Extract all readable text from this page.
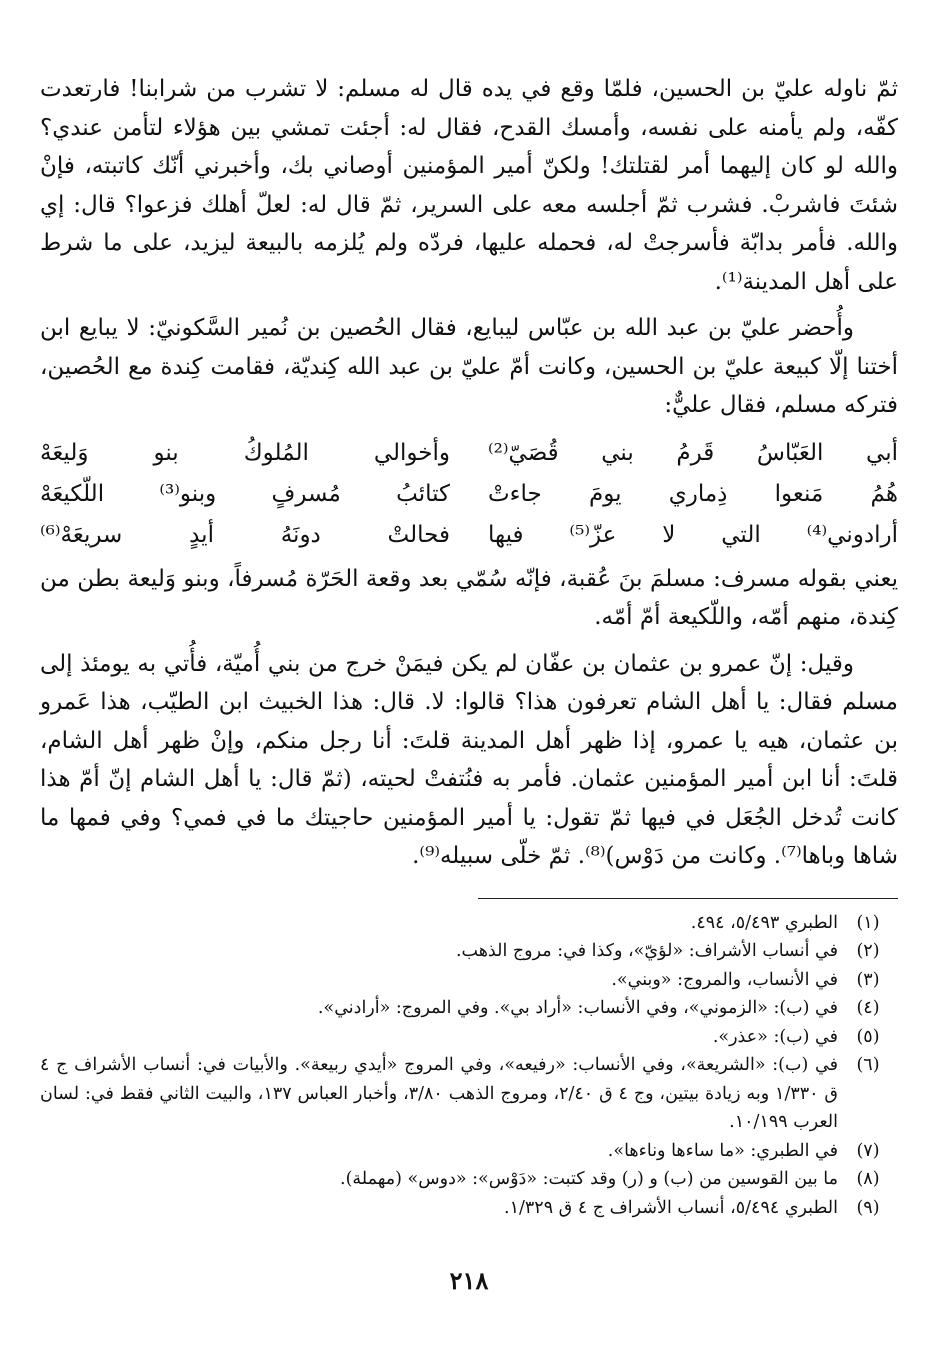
ثمّ ناوله عليّ بن الحسين، فلمّا وقع في يده قال له مسلم: لا تشرب من شرابنا! فارتعدت كفّه، ولم يأمنه على نفسه، وأمسك القدح، فقال له: أجئت تمشي بين هؤلاء لتأمن عندي؟ والله لو كان إليهما أمر لقتلتك! ولكنّ أمير المؤمنين أوصاني بك، وأخبرني أنّك كاتبته، فإنْ شئتَ فاشربْ. فشرب ثمّ أجلسه معه على السرير، ثمّ قال له: لعلّ أهلك فزعوا؟ قال: إي والله. فأمر بدابّة فأسرجتْ له، فحمله عليها، فردّه ولم يُلزمه بالبيعة ليزيد، على ما شرط على أهل المدينة⁽¹⁾.

وأُحضر عليّ بن عبد الله بن عبّاس ليبايع، فقال الحُصين بن نُمير السَّكونيّ: لا يبايع ابن أختنا إلّا كبيعة عليّ بن الحسين، وكانت أمّ عليّ بن عبد الله كِنديّة، فقامت كِندة مع الحُصين، فتركه مسلم، فقال عليٌّ:

أبي العَبّاسُ قَرمُ بني قُصَيّ⁽²⁾
وأخوالي المُلوكُ بنو وَليعَهْ
هُمُ مَنعوا ذِماري يومَ جاءتْ
كتائبُ مُسرفٍ وبنو⁽³⁾ اللّكيعَهْ
أرادوني⁽⁴⁾ التي لا عزّ⁽⁵⁾ فيها
فحالتْ دونَهُ أيدٍ سريعَهْ⁽⁶⁾

يعني بقوله مسرف: مسلمَ بنَ عُقبة، فإنّه سُمّي بعد وقعة الحَرّة مُسرفاً، وبنو وَليعة بطن من كِندة، منهم أمّه، واللّكيعة أمّ أمّه.

وقيل: إنّ عمرو بن عثمان بن عفّان لم يكن فيمَنْ خرج من بني أُميّة، فأُتي به يومئذ إلى مسلم فقال: يا أهل الشام تعرفون هذا؟ قالوا: لا. قال: هذا الخبيث ابن الطيّب، هذا عَمرو بن عثمان، هيه يا عمرو، إذا ظهر أهل المدينة قلتَ: أنا رجل منكم، وإنْ ظهر أهل الشام، قلتَ: أنا ابن أمير المؤمنين عثمان. فأمر به فنُتفتْ لحيته، (ثمّ قال: يا أهل الشام إنّ أمّ هذا كانت تُدخل الجُعَل في فيها ثمّ تقول: يا أمير المؤمنين حاجيتك ما في فمي؟ وفي فمها ما شاها وباها⁽⁷⁾. وكانت من دَوْس)⁽⁸⁾. ثمّ خلّى سبيله⁽⁹⁾.

(١)
الطبري ٥/٤٩٣، ٤٩٤.
(٢)
في أنساب الأشراف: «لؤيّ»، وكذا في: مروج الذهب.
(٣)
في الأنساب، والمروج: «وبني».
(٤)
في (ب): «الزموني»، وفي الأنساب: «أراد بي». وفي المروج: «أرادني».
(٥)
في (ب): «عذر».
(٦)
في (ب): «الشريعة»، وفي الأنساب: «رفيعه»، وفي المروج «أيدي ربيعة». والأبيات في: أنساب الأشراف ج ٤ ق ١/٣٣٠ وبه زيادة بيتين، وج ٤ ق ٢/٤٠، ومروج الذهب ٣/٨٠، وأخبار العباس ١٣٧، والبيت الثاني فقط في: لسان العرب ١٠/١٩٩.
(٧)
في الطبري: «ما ساءها وناءها».
(٨)
ما بين القوسين من (ب) و (ر) وقد كتبت: «دَوْس»: «دوس» (مهملة).
(٩)
الطبري ٥/٤٩٤، أنساب الأشراف ج ٤ ق ١/٣٢٩.
٢١٨
